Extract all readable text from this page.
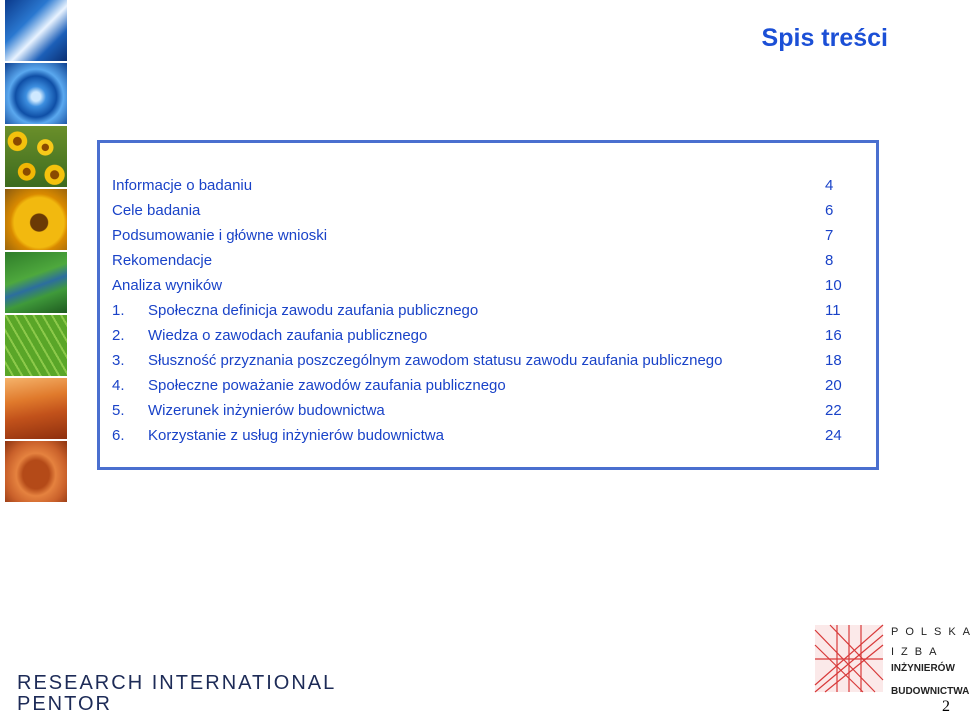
Spis treści
Informacje o badaniu	4
Cele badania	6
Podsumowanie i główne wnioski	7
Rekomendacje	8
Analiza wyników	10
1.	Społeczna definicja zawodu zaufania publicznego	11
2.	Wiedza o zawodach zaufania publicznego	16
3.	Słuszność przyznania poszczególnym zawodom statusu zawodu zaufania publicznego	18
4.	Społeczne poważanie zawodów zaufania publicznego	20
5.	Wizerunek inżynierów budownictwa	22
6.	Korzystanie z usług inżynierów budownictwa	24
RESEARCH INTERNATIONAL
PENTOR
POLSKA
IZBA
INŻYNIERÓW
BUDOWNICTWA
2
